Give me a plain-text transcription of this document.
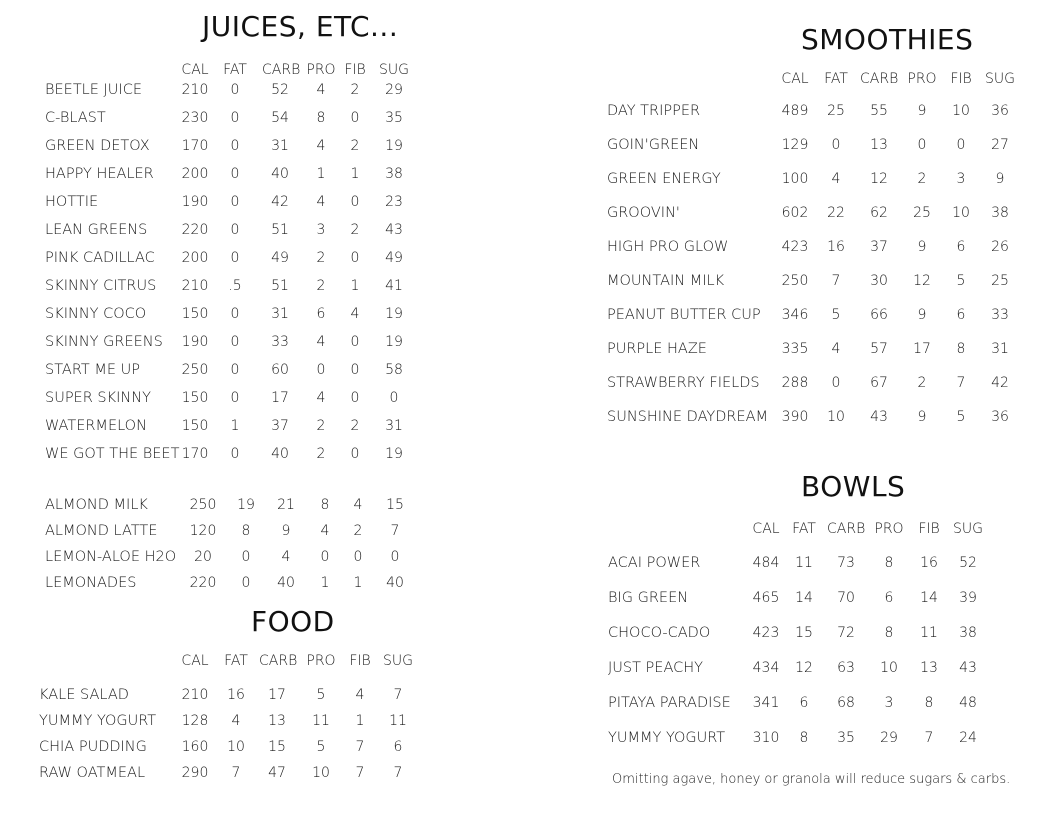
JUICES, ETC...
FOOD
SMOOTHIES
BOWLS
CAL	FAT	CARB PRO FIB SUG
BEETLE JUICE	210	0	52	4	2	29
C-BLAST	230	0	54	8	0	35
GREEN DETOX	170	0	31	4	2	19
HAPPY HEALER	200	0	40	1	1	38
HOTTIE	190	0	42	4	0	23
LEAN GREENS	220	0	51	3	2	43
PINK CADILLAC	200	0	49	2	0	49
SKINNY CITRUS	210	.5	51	2	1	41
SKINNY COCO	150	0	31	6	4	19
SKINNY GREENS	190	0	33	4	0	19
START ME UP	250	0	60	0	0	58
SUPER SKINNY	150	0	17	4	0	0
WATERMELON	150	1	37	2	2	31
WE GOT THE BEET 170	0	40	2	0	19
ALMOND MILK	250	19	21	8	4	15
ALMOND LATTE	120	8	9	4	2	7
LEMON-ALOE H2O	20	0	4	0	0	0
LEMONADES	220	0	40	1	1	40
CAL	FAT CARB PRO FIB SUG
KALE SALAD	210	16	17	5	4	7
YUMMY YOGURT	128	4	13	11	1	11
CHIA PUDDING	160	10	15	5	7	6
RAW OATMEAL	290	7	47	10	7	7
CAL	FAT CARB PRO FIB SUG
DAY TRIPPER	489	25	55	9	10	36
GOIN'GREEN	129	0	13	0	0	27
GREEN ENERGY	100	4	12	2	3	9
GROOVIN'	602	22	62	25	10	38
HIGH PRO GLOW	423	16	37	9	6	26
MOUNTAIN MILK	250	7	30	12	5	25
PEANUT BUTTER CUP	346	5	66	9	6	33
PURPLE HAZE	335	4	57	17	8	31
STRAWBERRY FIELDS	288	0	67	2	7	42
SUNSHINE DAYDREAM 390	10	43	9	5	36
CAL FAT CARB PRO	FIB SUG
ACAI POWER	484	11	73	8	16	52
BIG GREEN	465	14	70	6	14	39
CHOCO-CADO	423	15	72	8	11	38
JUST PEACHY	434	12	63	10	13	43
PITAYA PARADISE	341	6	68	3	8	48
YUMMY YOGURT	310	8	35	29	7	24

Omitting agave, honey or granola will reduce sugars & carbs.
